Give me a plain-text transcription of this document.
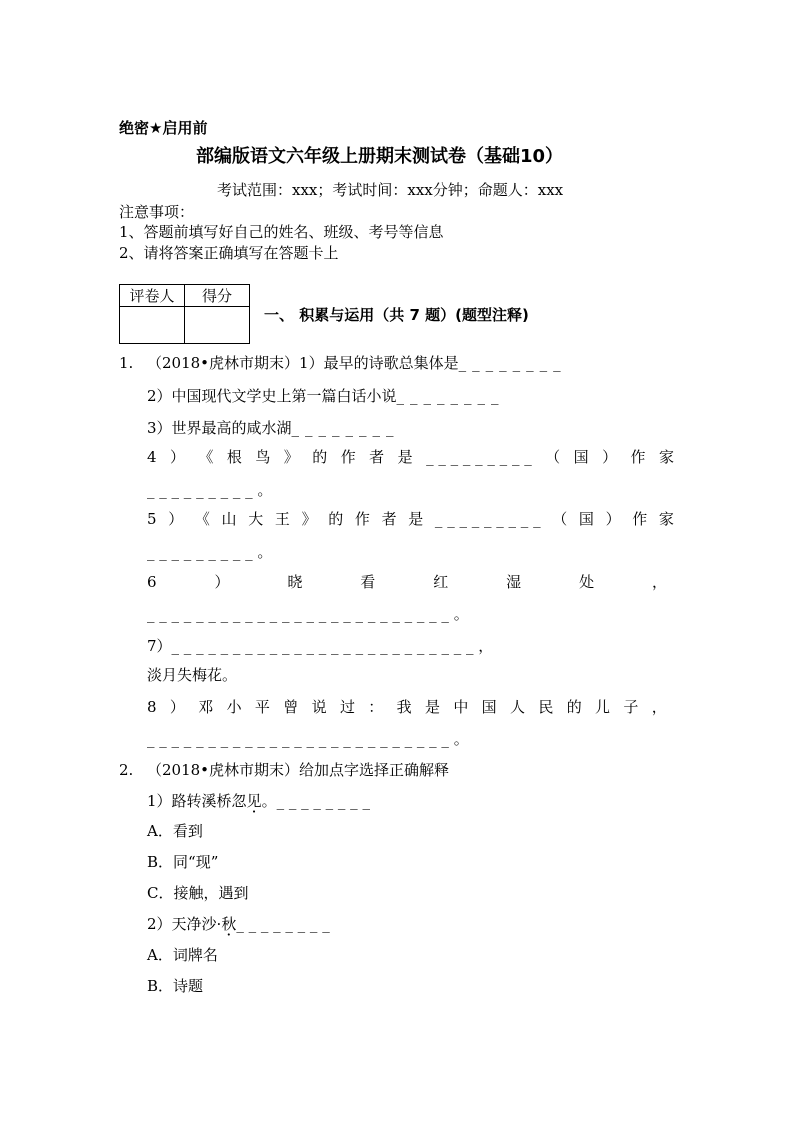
绝密★启用前
部编版语文六年级上册期末测试卷（基础10）
考试范围：xxx；考试时间：xxx分钟；命题人：xxx
注意事项：
1、答题前填写好自己的姓名、班级、考号等信息
2、请将答案正确填写在答题卡上
评卷人	得分

一、 积累与运用（共 7 题）(题型注释)
1. （2018•虎林市期末）1）最早的诗歌总集体是________
2）中国现代文学史上第一篇白话小说________
3）世界最高的咸水湖________
4 ） 《 根 鸟 》 的 作 者 是 _ _ _ _ _ _ _ _ _ （ 国 ） 作 家
_ _ _ _ _ _ _ _ _ 。
5 ） 《 山 大 王 》 的 作 者 是 _ _ _ _ _ _ _ _ _ （ 国 ） 作 家
_ _ _ _ _ _ _ _ _ 。
6	）	晓	看	红	湿	处	，
_ _ _ _ _ _ _ _ _ _ _ _ _ _ _ _ _ _ _ _ _ _ _ _ _ 。
7）_ _ _ _ _ _ _ _ _ _ _ _ _ _ _ _ _ _ _ _ _ _ _ _ _ ，
淡月失梅花。
8 ） 邓 小 平 曾 说 过 ： 我 是 中 国 人 民 的 儿 子 ，
_ _ _ _ _ _ _ _ _ _ _ _ _ _ _ _ _ _ _ _ _ _ _ _ _ 。
2. （2018•虎林市期末）给加点字选择正确解释
1）路转溪桥忽见。_ _ _ _ _ _ _ _
A．看到
B．同“现”
C．接触，遇到
2）天净沙·秋_ _ _ _ _ _ _ _
A．词牌名
B．诗题
